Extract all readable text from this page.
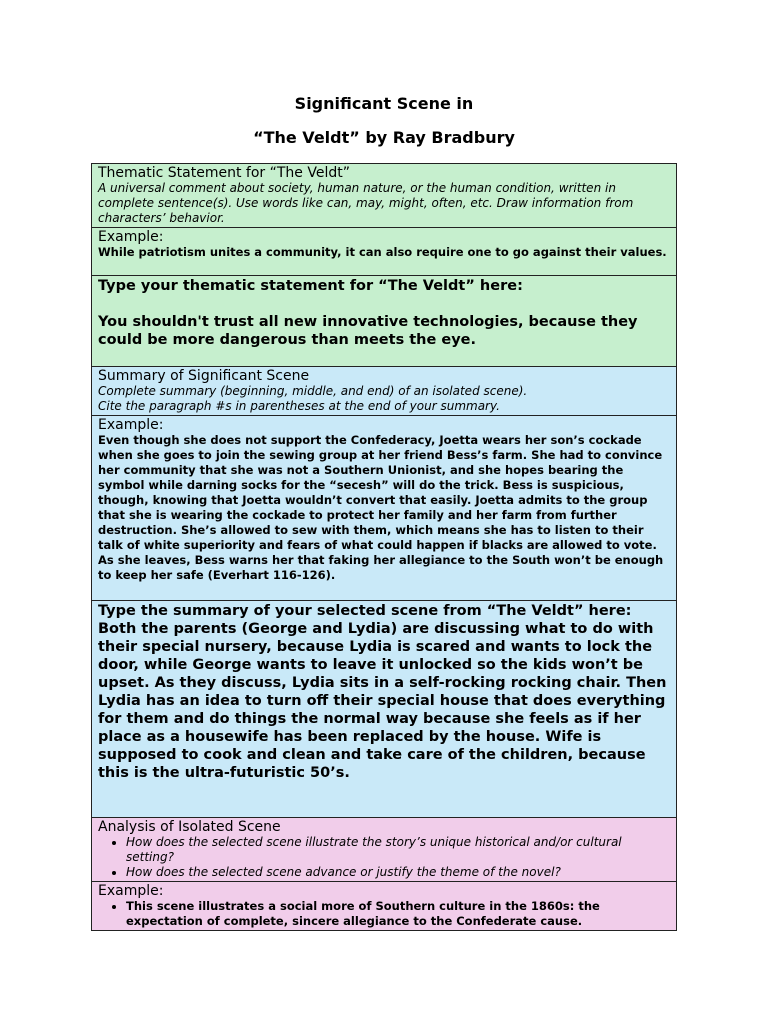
Significant Scene in
“The Veldt” by Ray Bradbury
Thematic Statement for “The Veldt”
A universal comment about society, human nature, or the human condition, written in complete sentence(s). Use words like can, may, might, often, etc. Draw information from characters’ behavior.
Example:
While patriotism unites a community, it can also require one to go against their values.
Type your thematic statement for “The Veldt” here:
You shouldn't trust all new innovative technologies, because they could be more dangerous than meets the eye.
Summary of Significant Scene
Complete summary (beginning, middle, and end) of an isolated scene).
Cite the paragraph #s in parentheses at the end of your summary.
Example:
Even though she does not support the Confederacy, Joetta wears her son’s cockade when she goes to join the sewing group at her friend Bess’s farm. She had to convince her community that she was not a Southern Unionist, and she hopes bearing the symbol while darning socks for the “secesh” will do the trick. Bess is suspicious, though, knowing that Joetta wouldn’t convert that easily. Joetta admits to the group that she is wearing the cockade to protect her family and her farm from further destruction. She’s allowed to sew with them, which means she has to listen to their talk of white superiority and fears of what could happen if blacks are allowed to vote. As she leaves, Bess warns her that faking her allegiance to the South won’t be enough to keep her safe (Everhart 116-126).
Type the summary of your selected scene from “The Veldt” here:
Both the parents (George and Lydia) are discussing what to do with their special nursery, because Lydia is scared and wants to lock the door, while George wants to leave it unlocked so the kids won’t be upset. As they discuss, Lydia sits in a self-rocking rocking chair. Then Lydia has an idea to turn off their special house that does everything for them and do things the normal way because she feels as if her place as a housewife has been replaced by the house. Wife is supposed to cook and clean and take care of the children, because this is the ultra-futuristic 50’s.
Analysis of Isolated Scene
• How does the selected scene illustrate the story’s unique historical and/or cultural setting?
• How does the selected scene advance or justify the theme of the novel?
Example:
• This scene illustrates a social more of Southern culture in the 1860s: the expectation of complete, sincere allegiance to the Confederate cause.
